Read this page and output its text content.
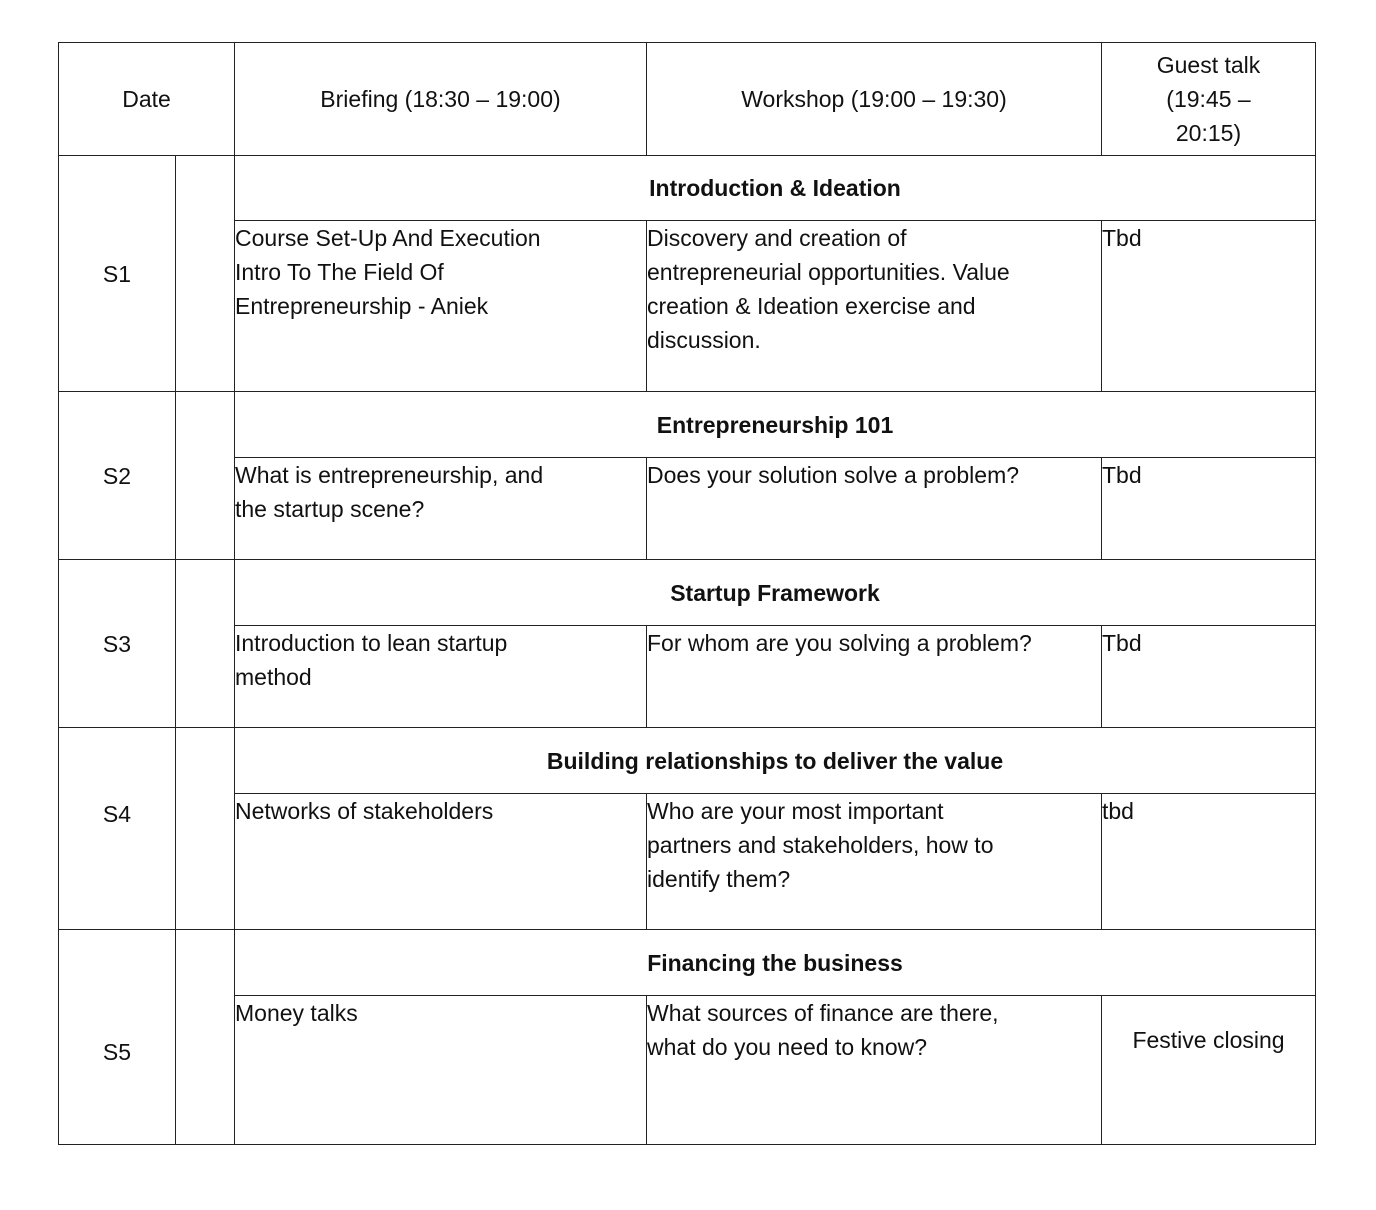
Date		Briefing (18:30 – 19:00)	Workshop (19:00 – 19:30)	Guest talk
(19:45 –
20:15)
S1		Introduction & Ideation		
		Course Set-Up And Execution
Intro To The Field Of
Entrepreneurship - Aniek	Discovery and creation of
entrepreneurial opportunities. Value
creation & Ideation exercise and
discussion.	Tbd
S2		Entrepreneurship 101		
		What is entrepreneurship, and
the startup scene?	Does your solution solve a problem?	Tbd
S3		Startup Framework		
		Introduction to lean startup
method	For whom are you solving a problem?	Tbd
S4		Building relationships to deliver the value		
		Networks of stakeholders	Who are your most important
partners and stakeholders, how to
identify them?	tbd
S5		Financing the business		
		Money talks	What sources of finance are there,
what do you need to know?	Festive closing
